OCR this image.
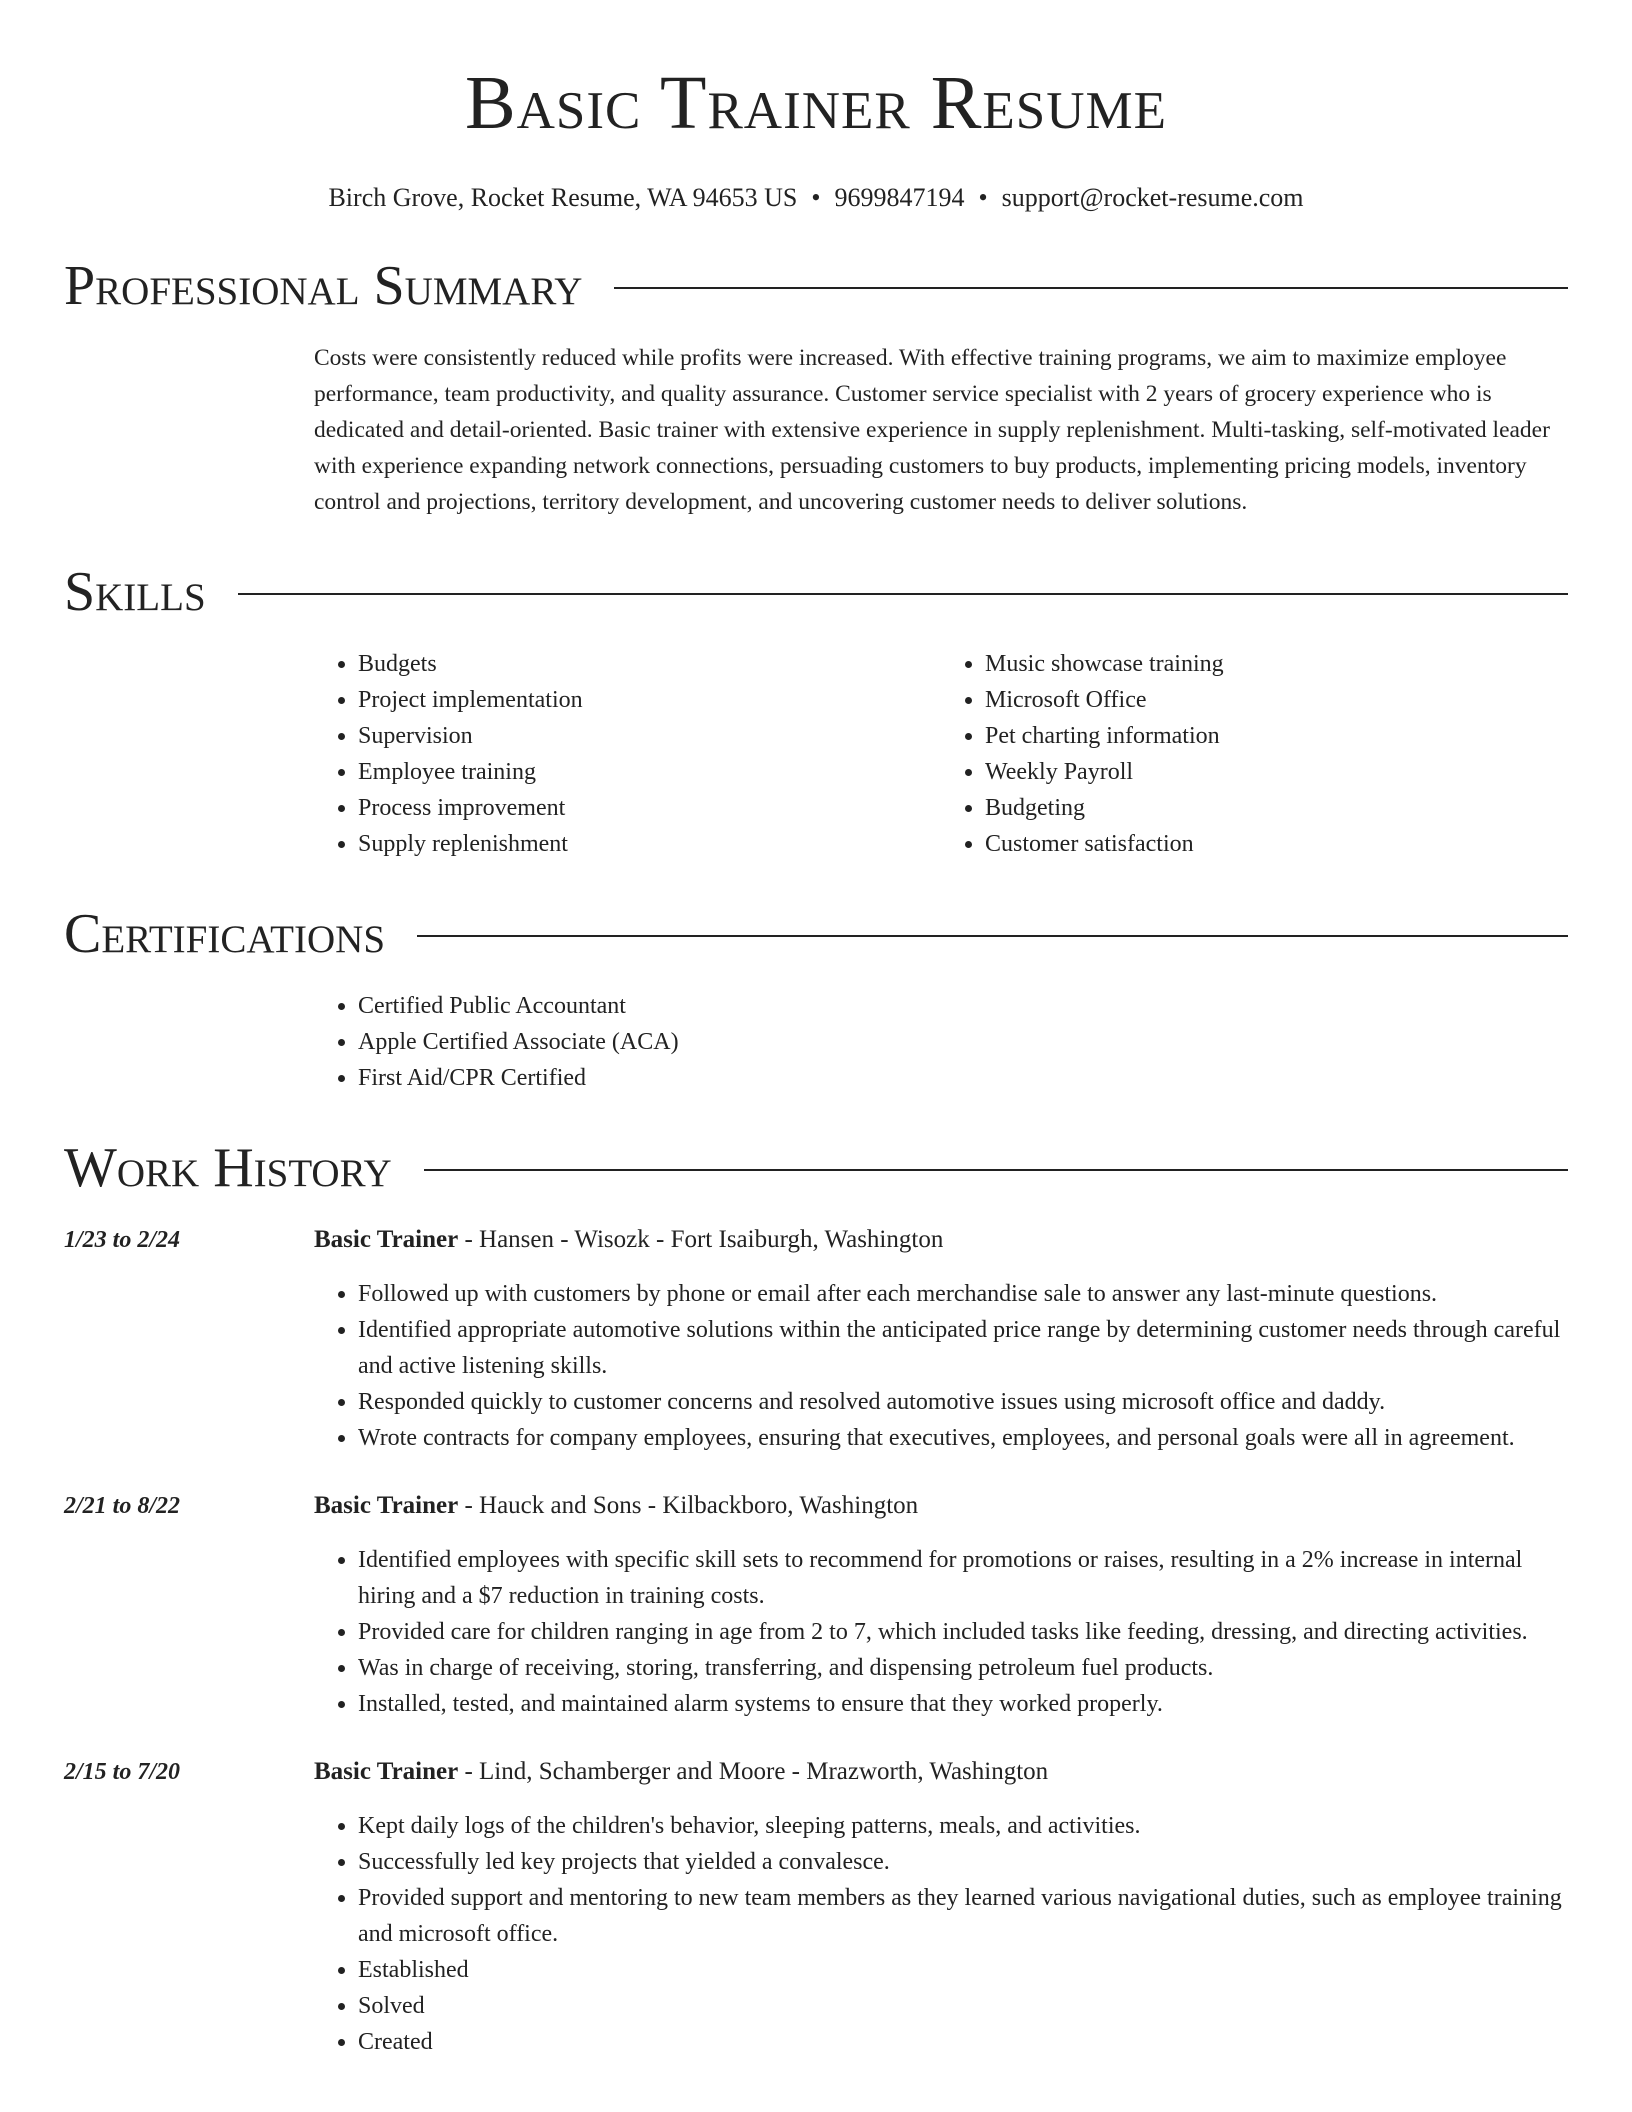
Basic Trainer Resume
Birch Grove, Rocket Resume, WA 94653 US • 9699847194 • support@rocket-resume.com
Professional Summary
Costs were consistently reduced while profits were increased. With effective training programs, we aim to maximize employee performance, team productivity, and quality assurance. Customer service specialist with 2 years of grocery experience who is dedicated and detail-oriented. Basic trainer with extensive experience in supply replenishment. Multi-tasking, self-motivated leader with experience expanding network connections, persuading customers to buy products, implementing pricing models, inventory control and projections, territory development, and uncovering customer needs to deliver solutions.
Skills
• Budgets
• Project implementation
• Supervision
• Employee training
• Process improvement
• Supply replenishment
• Music showcase training
• Microsoft Office
• Pet charting information
• Weekly Payroll
• Budgeting
• Customer satisfaction
Certifications
• Certified Public Accountant
• Apple Certified Associate (ACA)
• First Aid/CPR Certified
Work History
1/23 to 2/24	Basic Trainer - Hansen - Wisozk - Fort Isaiburgh, Washington
• Followed up with customers by phone or email after each merchandise sale to answer any last-minute questions.
• Identified appropriate automotive solutions within the anticipated price range by determining customer needs through careful and active listening skills.
• Responded quickly to customer concerns and resolved automotive issues using microsoft office and daddy.
• Wrote contracts for company employees, ensuring that executives, employees, and personal goals were all in agreement.
2/21 to 8/22	Basic Trainer - Hauck and Sons - Kilbackboro, Washington
• Identified employees with specific skill sets to recommend for promotions or raises, resulting in a 2% increase in internal hiring and a $7 reduction in training costs.
• Provided care for children ranging in age from 2 to 7, which included tasks like feeding, dressing, and directing activities.
• Was in charge of receiving, storing, transferring, and dispensing petroleum fuel products.
• Installed, tested, and maintained alarm systems to ensure that they worked properly.
2/15 to 7/20	Basic Trainer - Lind, Schamberger and Moore - Mrazworth, Washington
• Kept daily logs of the children's behavior, sleeping patterns, meals, and activities.
• Successfully led key projects that yielded a convalesce.
• Provided support and mentoring to new team members as they learned various navigational duties, such as employee training and microsoft office.
• Established
• Solved
• Created
